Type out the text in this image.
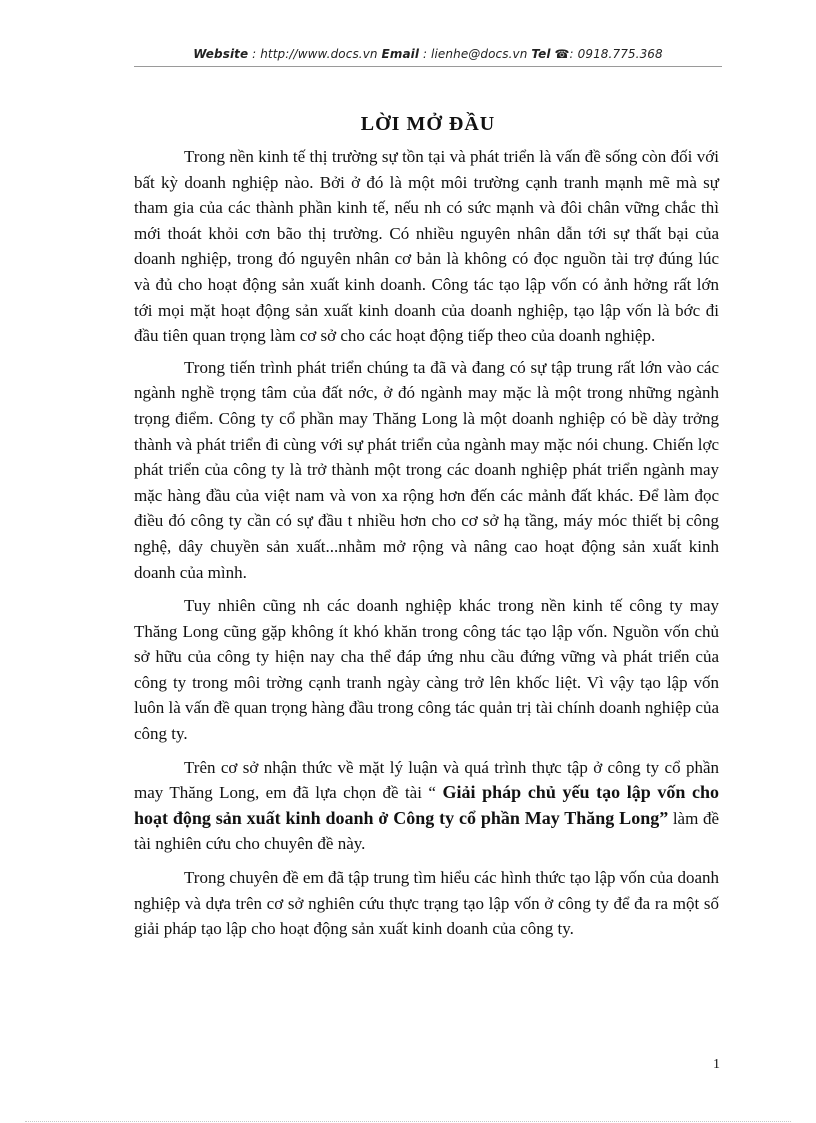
Website : http://www.docs.vn Email : lienhe@docs.vn Tel ☎: 0918.775.368
LỜI MỞ ĐẦU

Trong nền kinh tế thị trường sự tồn tại và phát triển là vấn đề sống còn đối với bất kỳ doanh nghiệp nào. Bởi ở đó là một môi trường cạnh tranh mạnh mẽ mà sự tham gia của các thành phần kinh tế, nếu nh có sức mạnh và đôi chân vững chắc thì mới thoát khỏi cơn bão thị trường. Có nhiều nguyên nhân dẫn tới sự thất bại của doanh nghiệp, trong đó nguyên nhân cơ bản là không có đọc nguồn tài trợ đúng lúc và đủ cho hoạt động sản xuất kinh doanh. Công tác tạo lập vốn có ảnh hởng rất lớn tới mọi mặt hoạt động sản xuất kinh doanh của doanh nghiệp, tạo lập vốn là bớc đi đầu tiên quan trọng làm cơ sở cho các hoạt động tiếp theo của doanh nghiệp.

Trong tiến trình phát triển chúng ta đã và đang có sự tập trung rất lớn vào các ngành nghề trọng tâm của đất nớc, ở đó ngành may mặc là một trong những ngành trọng điểm. Công ty cổ phần may Thăng Long là một doanh nghiệp có bề dày trởng thành và phát triển đi cùng với sự phát triển của ngành may mặc nói chung. Chiến lợc phát triển của công ty là trở thành một trong các doanh nghiệp phát triển ngành may mặc hàng đầu của việt nam và von xa rộng hơn đến các mảnh đất khác. Để làm đọc điều đó công ty cần có sự đầu t nhiều hơn cho cơ sở hạ tầng, máy móc thiết bị công nghệ, dây chuyền sản xuất...nhằm mở rộng và nâng cao hoạt động sản xuất kinh doanh của mình.

Tuy nhiên cũng nh các doanh nghiệp khác trong nền kinh tế công ty may Thăng Long cũng gặp không ít khó khăn trong công tác tạo lập vốn. Nguồn vốn chủ sở hữu của công ty hiện nay cha thể đáp ứng nhu cầu đứng vững và phát triển của công ty trong môi trờng cạnh tranh ngày càng trở lên khốc liệt. Vì vậy tạo lập vốn luôn là vấn đề quan trọng hàng đầu trong công tác quản trị tài chính doanh nghiệp của công ty.

Trên cơ sở nhận thức về mặt lý luận và quá trình thực tập ở công ty cổ phần may Thăng Long, em đã lựa chọn đề tài “ Giải pháp chủ yếu tạo lập vốn cho hoạt động sản xuất kinh doanh ở Công ty cổ phần May Thăng Long” làm đề tài nghiên cứu cho chuyên đề này.

Trong chuyên đề em đã tập trung tìm hiểu các hình thức tạo lập vốn của doanh nghiệp và dựa trên cơ sở nghiên cứu thực trạng tạo lập vốn ở công ty để đa ra một số giải pháp tạo lập cho hoạt động sản xuất kinh doanh của công ty.

1
